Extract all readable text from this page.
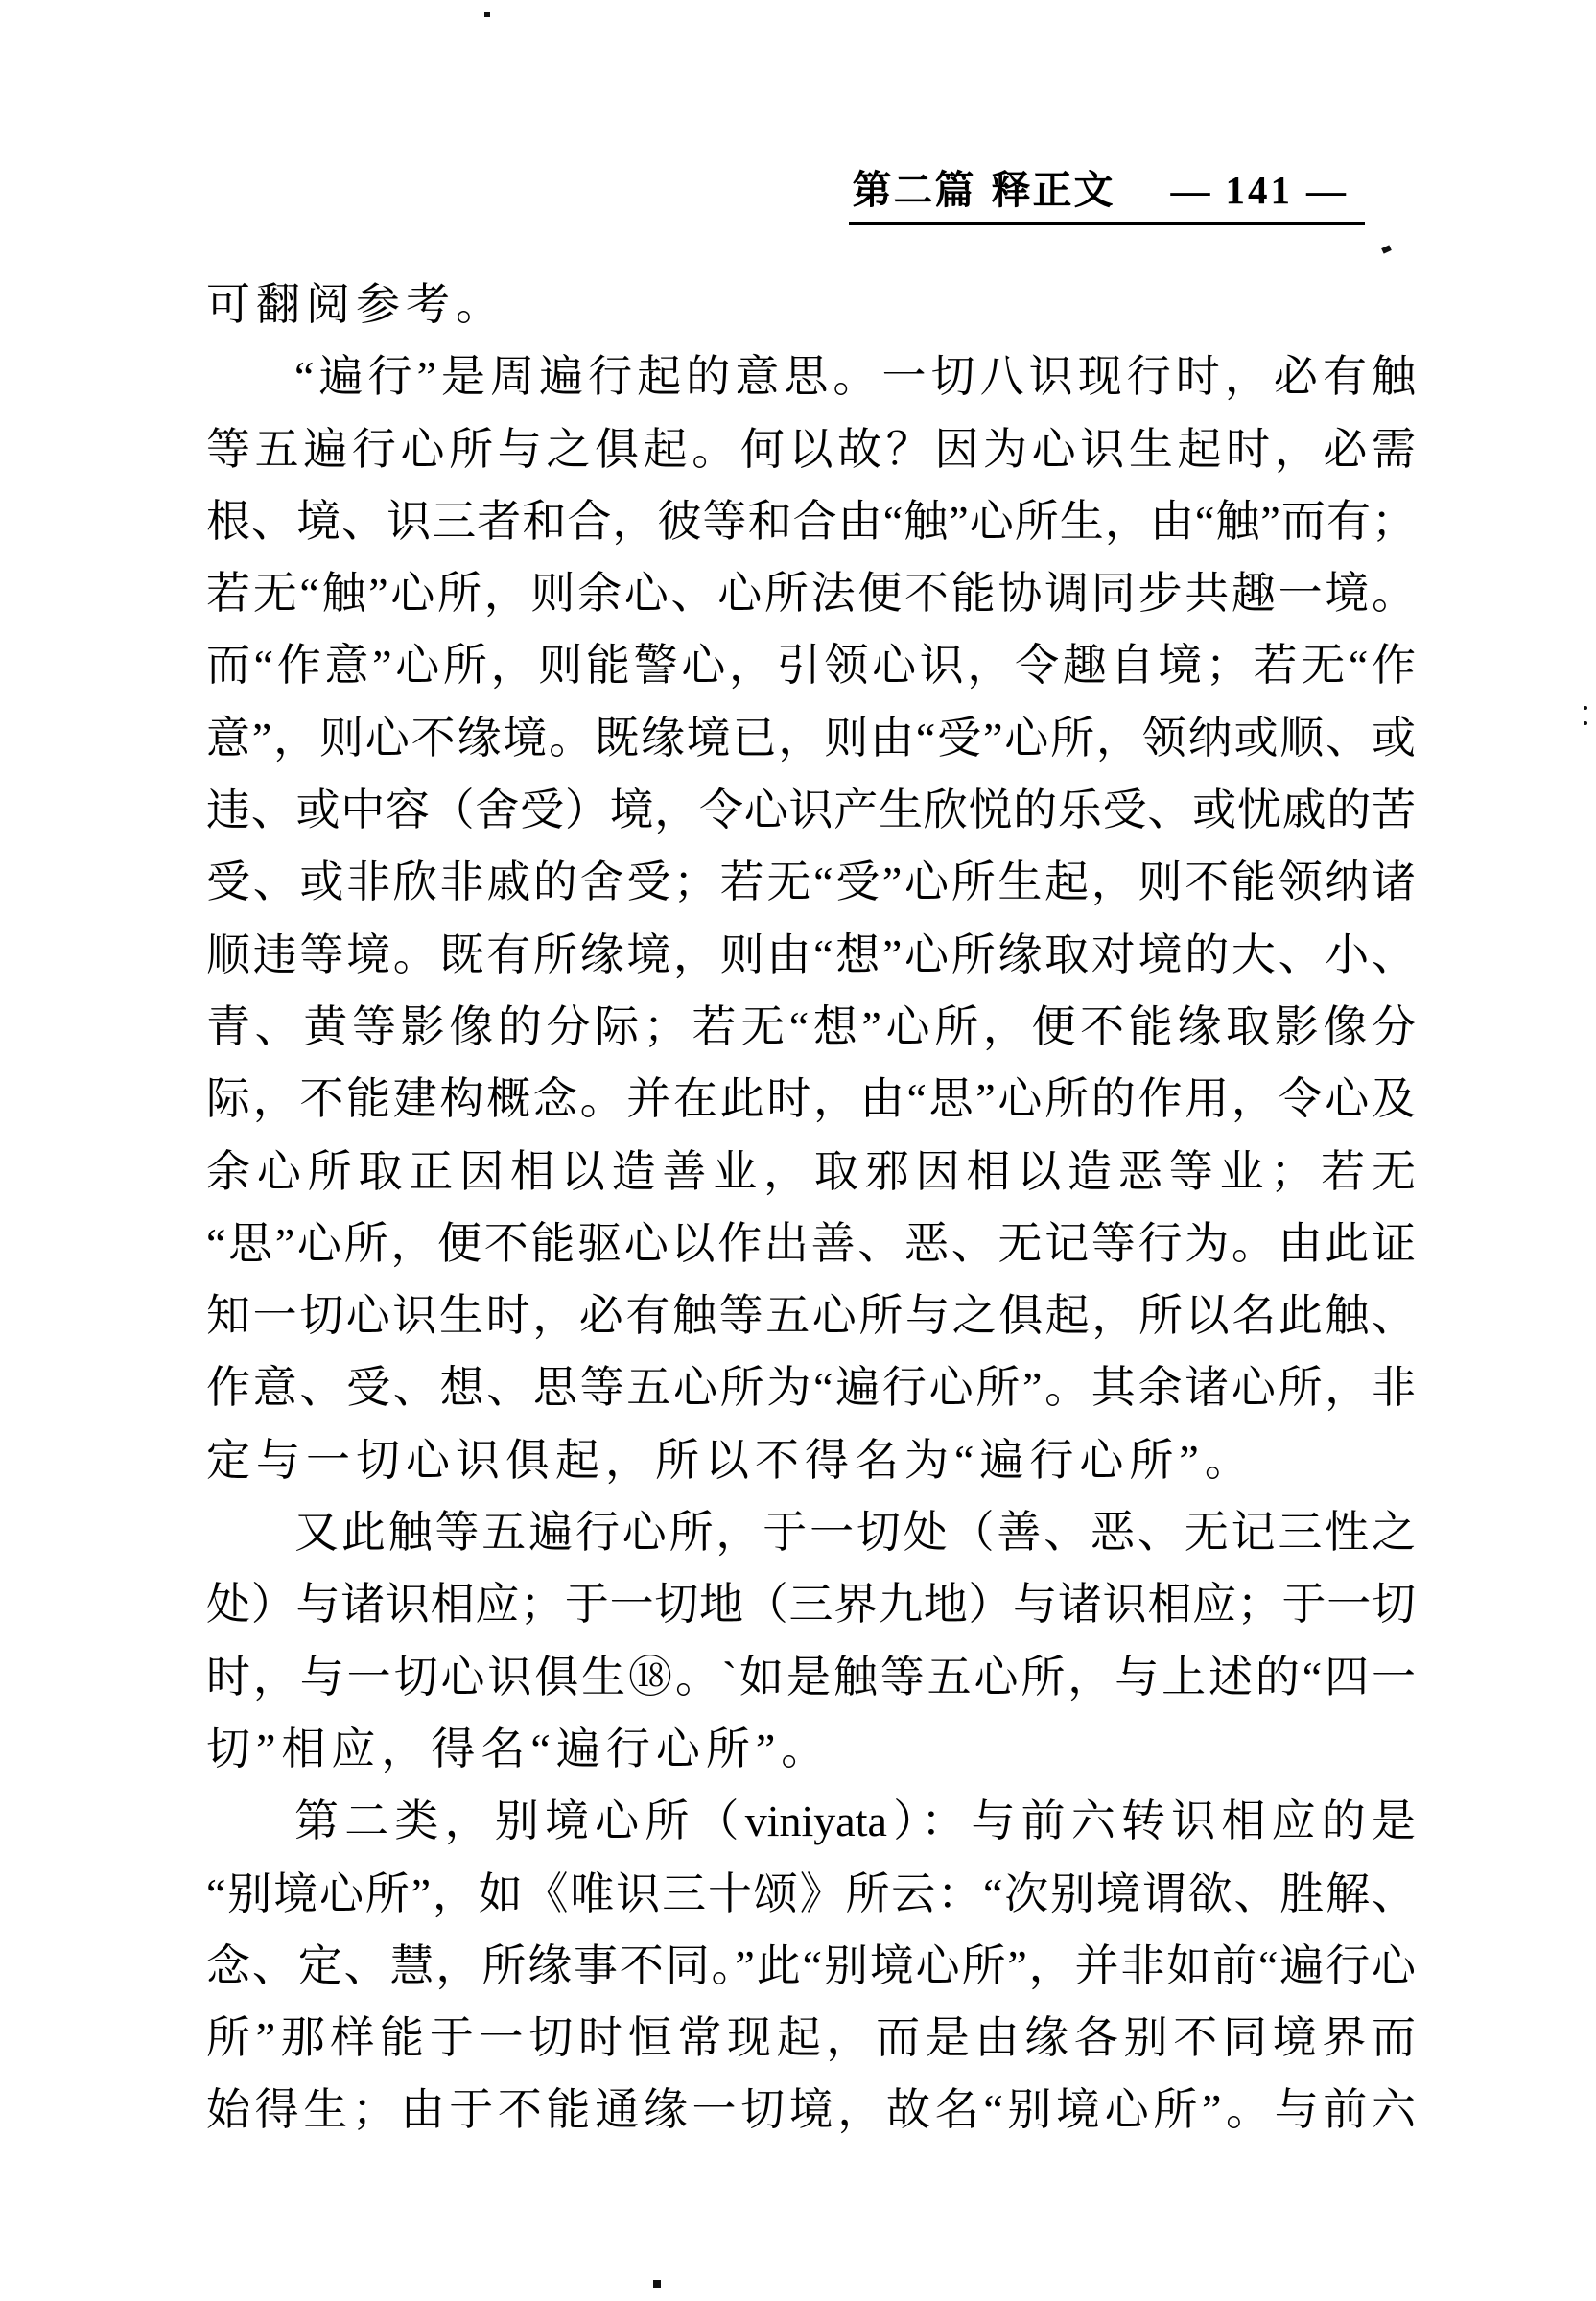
第二篇 释正文 — 141 —
可翻阅参考。
“遍行”是周遍行起的意思。一切八识现行时，必有触
等五遍行心所与之俱起。何以故？因为心识生起时，必需
根、境、识三者和合，彼等和合由“触”心所生，由“触”而有；
若无“触”心所，则余心、心所法便不能协调同步共趣一境。
而“作意”心所，则能警心，引领心识，令趣自境；若无“作
意”，则心不缘境。既缘境已，则由“受”心所，领纳或顺、或
违、或中容（舍受）境，令心识产生欣悦的乐受、或忧戚的苦
受、或非欣非戚的舍受；若无“受”心所生起，则不能领纳诸
顺违等境。既有所缘境，则由“想”心所缘取对境的大、小、
青、黄等影像的分际；若无“想”心所，便不能缘取影像分
际，不能建构概念。并在此时，由“思”心所的作用，令心及
余心所取正因相以造善业，取邪因相以造恶等业；若无
“思”心所，便不能驱心以作出善、恶、无记等行为。由此证
知一切心识生时，必有触等五心所与之俱起，所以名此触、
作意、受、想、思等五心所为“遍行心所”。其余诸心所，非
定与一切心识俱起，所以不得名为“遍行心所”。
又此触等五遍行心所，于一切处（善、恶、无记三性之
处）与诸识相应；于一切地（三界九地）与诸识相应；于一切
时，与一切心识俱生⑱。ˋ如是触等五心所，与上述的“四一
切”相应，得名“遍行心所”。
第二类，别境心所（viniyata）：与前六转识相应的是
“别境心所”，如《唯识三十颂》所云：“次别境谓欲、胜解、
念、定、慧，所缘事不同。”此“别境心所”，并非如前“遍行心
所”那样能于一切时恒常现起，而是由缘各别不同境界而
始得生；由于不能通缘一切境，故名“别境心所”。与前六
